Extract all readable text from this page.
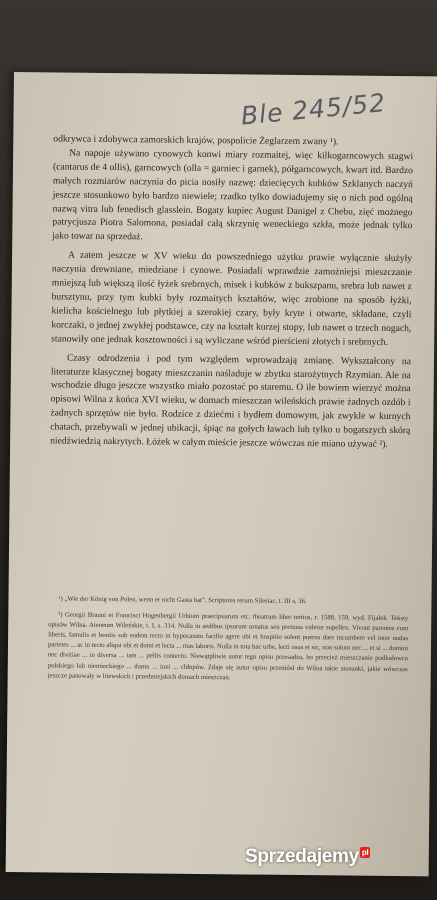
Ble 245/52

odkrywca i zdobywca zamorskich krajów, pospolicie Żeglarzem zwany ¹).

Na napoje używano cynowych konwi miary rozmaitej, więc kilkogarncowych stagwi (cantarus de 4 ollis), garncowych (olla = garniec i garnek), półgarncowych, kwart itd. Bardzo małych rozmiarów naczynia do picia nosiły nazwę: dziecięcych kubków Szklanych naczyń jeszcze stosunkowo było bardzo niewiele; rzadko tylko dowiadujemy się o nich pod ogólną nazwą vitra lub fenedisch glasslein. Bogaty kupiec August Danigel z Chebu, zięć możnego patrycjusza Piotra Salomona, posiadał całą skrzynię weneckiego szkła, może jednak tylko jako towar na sprzedaż.

A zatem jeszcze w XV wieku do powszedniego użytku prawie wyłącznie służyły naczynia drewniane, miedziane i cynowe. Posiadali wprawdzie zamożniejsi mieszczanie mniejszą lub większą ilość łyżek srebrnych, misek i kubków z bukszpanu, srebra lub nawet z bursztynu, przy tym kubki były rozmaitych kształtów, więc zrobione na sposób łyżki, kielicha kościelnego lub płytkiej a szerokiej czary, były kryte i otwarte, składane, czyli korczaki, o jednej zwykłej podstawce, czy na kształt kurzej stopy, lub nawet o trzech nogach, stanowiły one jednak kosztowności i są wyliczane wśród pierścieni złotych i srebrnych.

Czasy odrodzenia i pod tym względem wprowadzają zmianę. Wykształcony na literaturze klasycznej bogaty mieszczanin naśladuje w zbytku starożytnych Rzymian. Ale na wschodzie długo jeszcze wszystko miało pozostać po staremu. O ile bowiem wierzyć można opisowi Wilna z końca XVI wieku, w domach mieszczan wileńskich prawie żadnych ozdób i żadnych sprzętów nie było. Rodzice z dziećmi i bydłem domowym, jak zwykle w kurnych chatach, przebywali w jednej ubikacji, śpiąc na gołych ławach lub tylko u bogatszych skórą niedźwiedzią nakrytych. Łóżek w całym mieście jeszcze wówczas nie miano używać ²).

¹) „Wie der König von Polen, wenn er nicht Gasta hat”. Scriptores rerum Silesiac. t. III s. 36.

²) Georgii Brauni et Francisci Hogenbergii Urbium praecipuarum etc. theatrum liber tertius, r. 1588, 159, wyd. Fijałek. Teksty opisów Wilna. Ateneum Wileńskie, t. I, s. 314. Nulla in aedibus ipsorum ornatus seu pretiosa videtur supellex. Vivunt parentes cum liberis, famulis et bestiis sub eodem tecto in hypocausto facillo agere ubi et hospitio solent pueros dare incumbere vel inter nudas parietes ... ac in tecto aliqui ubi et domi et lecta ... mas laboris. Nulla in tota hac urbe, lecti usus et sic, non solum nec ... et si ... domini nec divitiae ... in diversa ... tam ... pellis contecto. Niewątpliwie autor tego opisu przesadza, bo przecież mieszczanie podlodowca polskiego lub niemieckiego ... domu ... inni ... chłopów. Zdaje się autor opisu przeniósł do Wilna takie stosunki, jakie wówczas jeszcze panowały w litewskich i przedmiejskich domach mieszczan.

Sprzedajemy pl
